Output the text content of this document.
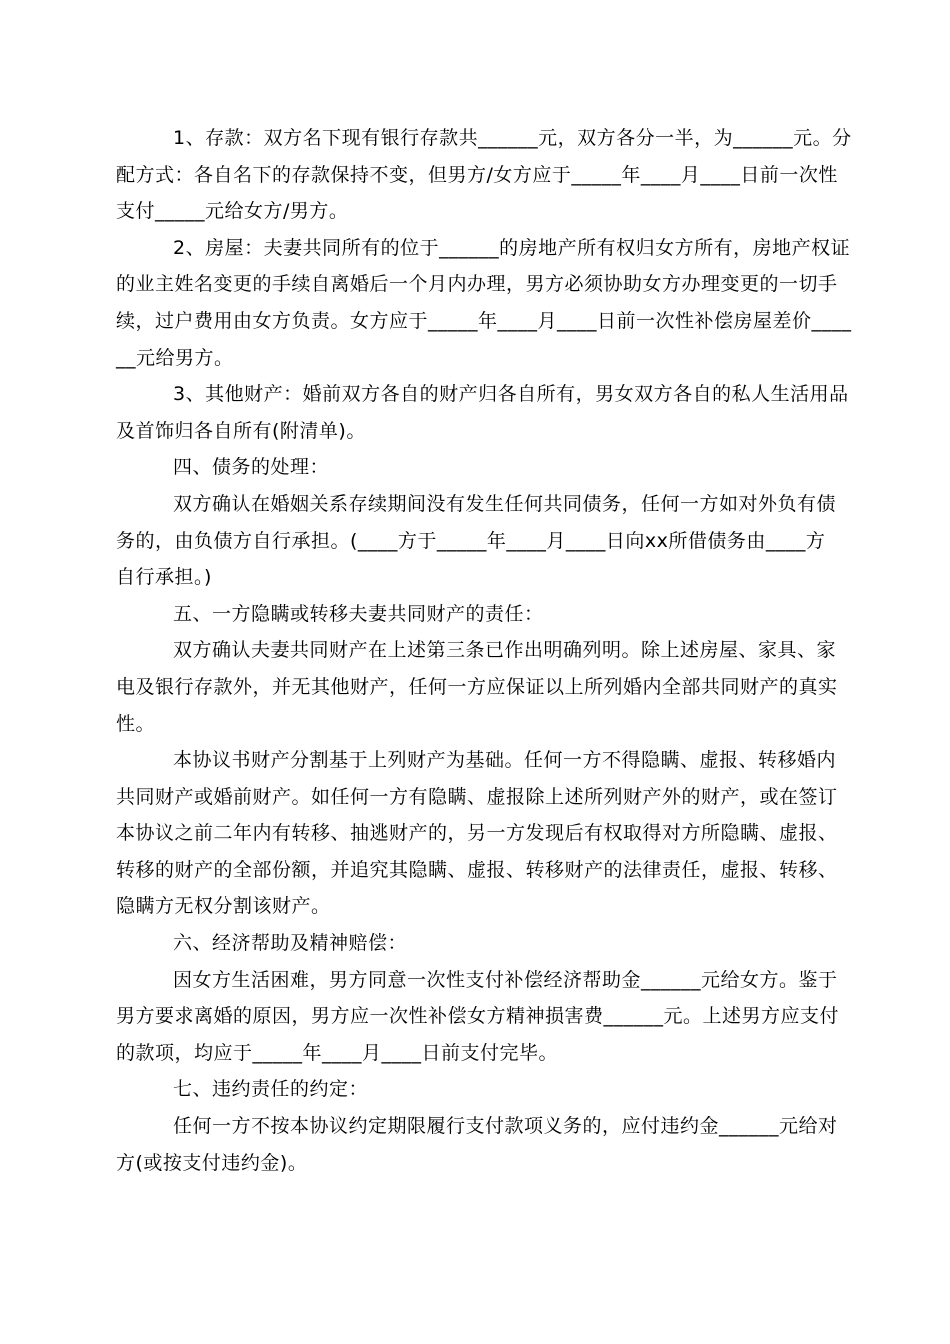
1、存款：双方名下现有银行存款共______元，双方各分一半，为______元。分
配方式：各自名下的存款保持不变，但男方/女方应于_____年____月____日前一次性
支付_____元给女方/男方。
2、房屋：夫妻共同所有的位于______的房地产所有权归女方所有，房地产权证
的业主姓名变更的手续自离婚后一个月内办理，男方必须协助女方办理变更的一切手
续，过户费用由女方负责。女方应于_____年____月____日前一次性补偿房屋差价____
__元给男方。
3、其他财产：婚前双方各自的财产归各自所有，男女双方各自的私人生活用品
及首饰归各自所有(附清单)。
四、债务的处理：
双方确认在婚姻关系存续期间没有发生任何共同债务，任何一方如对外负有债
务的，由负债方自行承担。(____方于_____年____月____日向xx所借债务由____方
自行承担。)
五、一方隐瞒或转移夫妻共同财产的责任：
双方确认夫妻共同财产在上述第三条已作出明确列明。除上述房屋、家具、家
电及银行存款外，并无其他财产，任何一方应保证以上所列婚内全部共同财产的真实
性。
本协议书财产分割基于上列财产为基础。任何一方不得隐瞒、虚报、转移婚内
共同财产或婚前财产。如任何一方有隐瞒、虚报除上述所列财产外的财产，或在签订
本协议之前二年内有转移、抽逃财产的，另一方发现后有权取得对方所隐瞒、虚报、
转移的财产的全部份额，并追究其隐瞒、虚报、转移财产的法律责任，虚报、转移、
隐瞒方无权分割该财产。
六、经济帮助及精神赔偿：
因女方生活困难，男方同意一次性支付补偿经济帮助金______元给女方。鉴于
男方要求离婚的原因，男方应一次性补偿女方精神损害费______元。上述男方应支付
的款项，均应于_____年____月____日前支付完毕。
七、违约责任的约定：
任何一方不按本协议约定期限履行支付款项义务的，应付违约金______元给对
方(或按支付违约金)。
